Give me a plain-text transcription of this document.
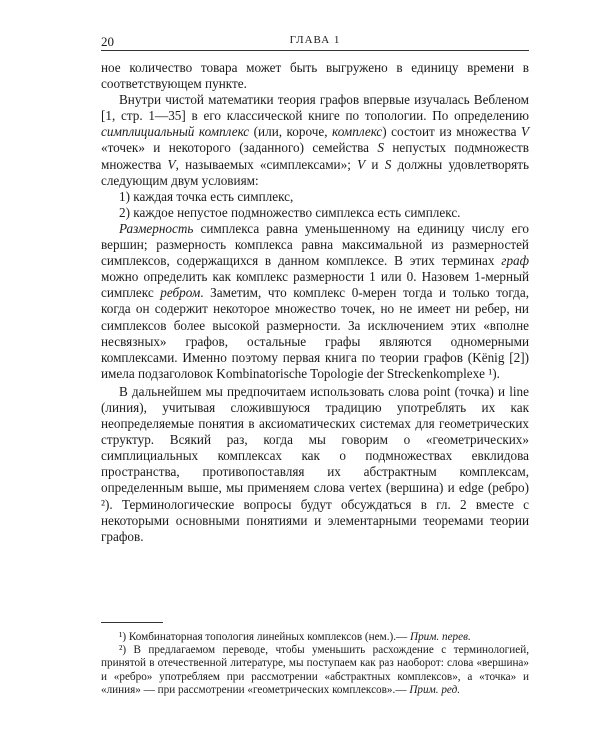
20	ГЛАВА 1

ное количество товара может быть выгружено в единицу времени в соответствующем пункте.

Внутри чистой математики теория графов впервые изучалась Вебленом [1, стр. 1—35] в его классической книге по топологии. По определению симплициальный комплекс (или, короче, комплекс) состоит из множества V «точек» и некоторого (заданного) семейства S непустых подмножеств множества V, называемых «симплексами»; V и S должны удовлетворять следующим двум условиям:

1) каждая точка есть симплекс,

2) каждое непустое подмножество симплекса есть симплекс.

Размерность симплекса равна уменьшенному на единицу числу его вершин; размерность комплекса равна максимальной из размерностей симплексов, содержащихся в данном комплексе. В этих терминах граф можно определить как комплекс размерности 1 или 0. Назовем 1-мерный симплекс ребром. Заметим, что комплекс 0-мерен тогда и только тогда, когда он содержит некоторое множество точек, но не имеет ни ребер, ни симплексов более высокой размерности. За исключением этих «вполне несвязных» графов, остальные графы являются одномерными комплексами. Именно поэтому первая книга по теории графов (Kënig [2]) имела подзаголовок Kombinatorische Topologie der Streckenkomplexe ¹).

В дальнейшем мы предпочитаем использовать слова point (точка) и line (линия), учитывая сложившуюся традицию употреблять их как неопределяемые понятия в аксиоматических системах для геометрических структур. Всякий раз, когда мы говорим о «геометрических» симплициальных комплексах как о подмножествах евклидова пространства, противопоставляя их абстрактным комплексам, определенным выше, мы применяем слова vertex (вершина) и edge (ребро) ²). Терминологические вопросы будут обсуждаться в гл. 2 вместе с некоторыми основными понятиями и элементарными теоремами теории графов.

¹) Комбинаторная топология линейных комплексов (нем.).— Прим. перев.

²) В предлагаемом переводе, чтобы уменьшить расхождение с терминологией, принятой в отечественной литературе, мы поступаем как раз наоборот: слова «вершина» и «ребро» употребляем при рассмотрении «абстрактных комплексов», а «точка» и «линия» — при рассмотрении «геометрических комплексов».— Прим. ред.
